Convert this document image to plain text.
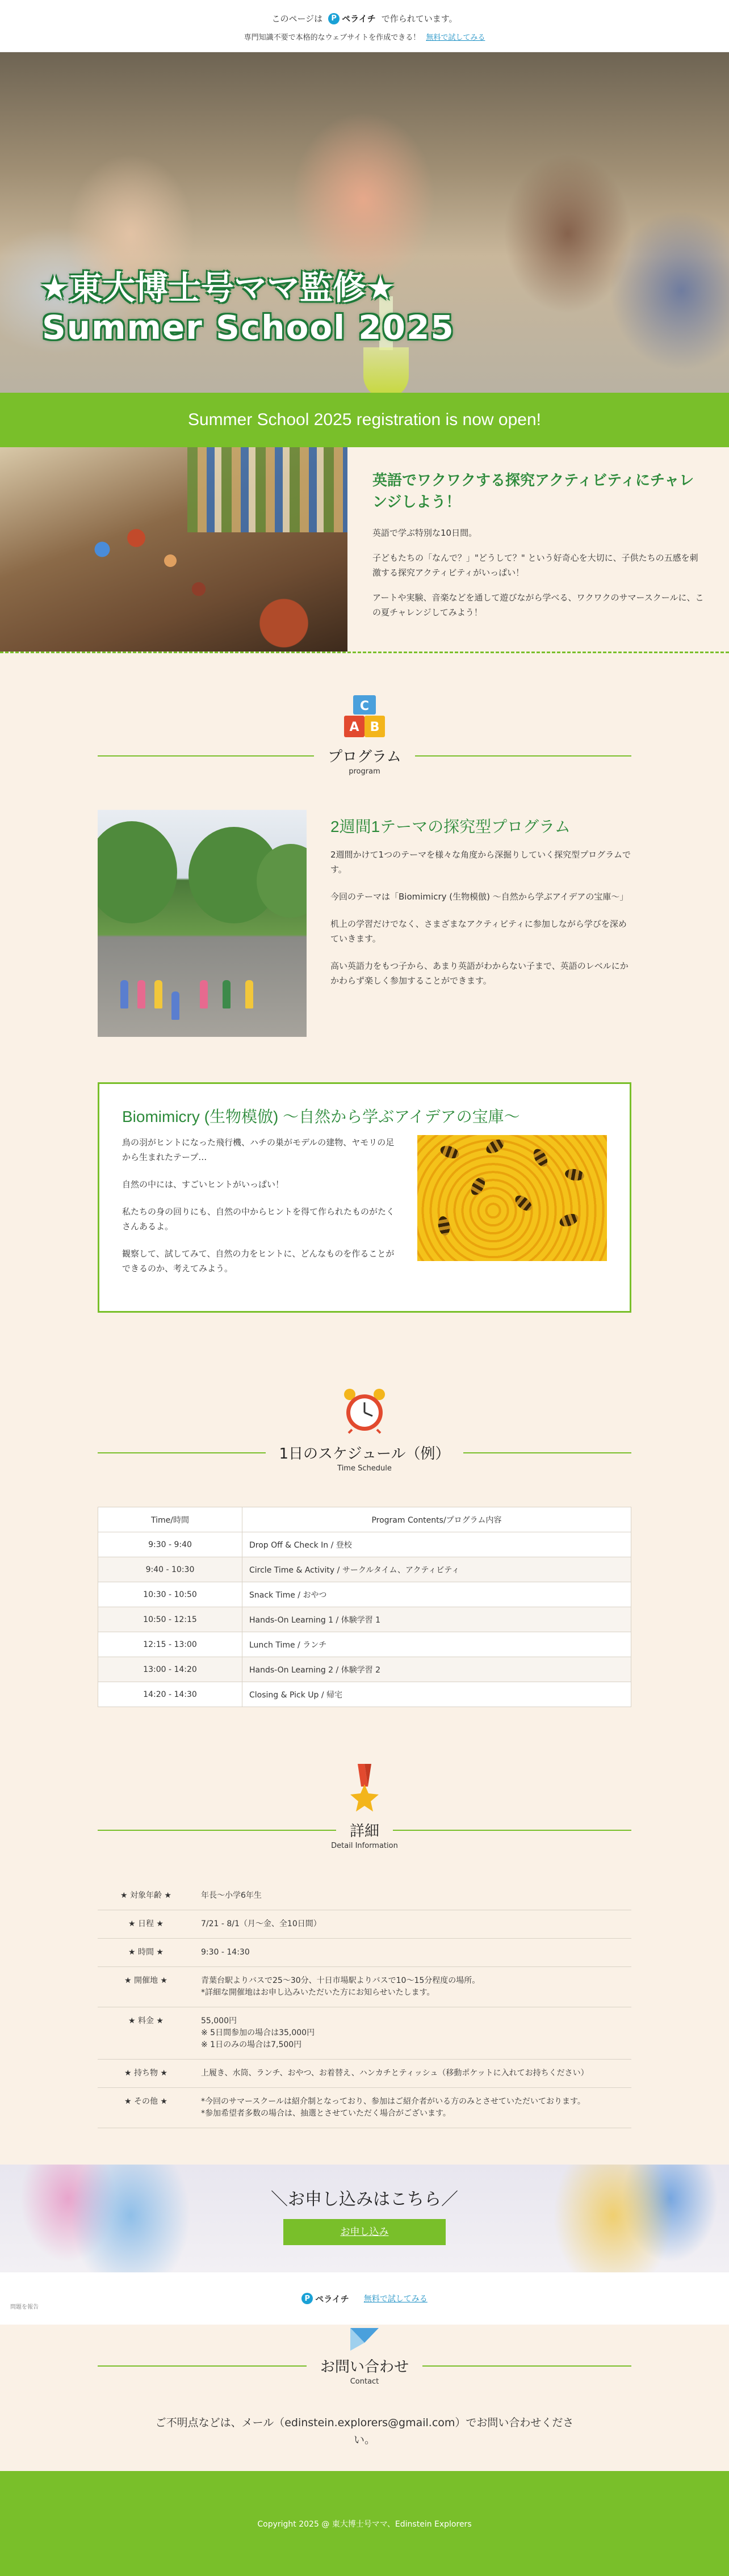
このページは	P ペライチ で作られています。
専門知識不要で本格的なウェブサイトを作成できる！ 無料で試してみる
★東大博士号ママ監修★
Summer School 2025
Summer School 2025 registration is now open!
英語でワクワクする探究アクティビティにチャレンジしよう！

英語で学ぶ特別な10日間。

子どもたちの「なんで？」"どうして？" という好奇心を大切に、子供たちの五感を刺激する探究アクティビティがいっぱい！

アートや実験、音楽などを通して遊びながら学べる、ワクワクのサマースクールに、この夏チャレンジしてみよう！

C
A B
プログラム
program
2週間1テーマの探究型プログラム

2週間かけて1つのテーマを様々な角度から深掘りしていく探究型プログラムです。

今回のテーマは「Biomimicry (生物模倣) 〜自然から学ぶアイデアの宝庫〜」

机上の学習だけでなく、さまざまなアクティビティに参加しながら学びを深めていきます。

高い英語力をもつ子から、あまり英語がわからない子まで、英語のレベルにかかわらず楽しく参加することができます。

Biomimicry (生物模倣) 〜自然から学ぶアイデアの宝庫〜

鳥の羽がヒントになった飛行機、ハチの巣がモデルの建物、ヤモリの足から生まれたテープ…

自然の中には、すごいヒントがいっぱい！

私たちの身の回りにも、自然の中からヒントを得て作られたものがたくさんあるよ。

観察して、試してみて、自然の力をヒントに、どんなものを作ることができるのか、考えてみよう。

1日のスケジュール（例）
Time Schedule
Time/時間	Program Contents/プログラム内容
9:30 - 9:40	Drop Off & Check In / 登校
9:40 - 10:30	Circle Time & Activity / サークルタイム、アクティビティ
10:30 - 10:50	Snack Time / おやつ
10:50 - 12:15	Hands-On Learning 1 / 体験学習 1
12:15 - 13:00	Lunch Time / ランチ
13:00 - 14:20	Hands-On Learning 2 / 体験学習 2
14:20 - 14:30	Closing & Pick Up / 帰宅
詳細
Detail Information
★ 対象年齢 ★	年長〜小学6年生
★ 日程 ★	7/21 - 8/1（月〜金、全10日間）
★ 時間 ★	9:30 - 14:30
★ 開催地 ★	青葉台駅よりバスで25〜30分、十日市場駅よりバスで10〜15分程度の場所。
*詳細な開催地はお申し込みいただいた方にお知らせいたします。
★ 料金 ★	55,000円
※ 5日間参加の場合は35,000円
※ 1日のみの場合は7,500円
★ 持ち物 ★	上履き、水筒、ランチ、おやつ、お着替え、ハンカチとティッシュ（移動ポケットに入れてお持ちください）
★ その他 ★	*今回のサマースクールは紹介制となっており、参加はご紹介者がいる方のみとさせていただいております。
*参加希望者多数の場合は、抽選とさせていただく場合がございます。
＼お申し込みはこちら／
お申し込み
問題を報告
P ペライチ 無料で試してみる
お問い合わせ
Contact

ご不明点などは、メール（edinstein.explorers@gmail.com）でお問い合わせください。

Copyright 2025 @ 東大博士号ママ、Edinstein Explorers
